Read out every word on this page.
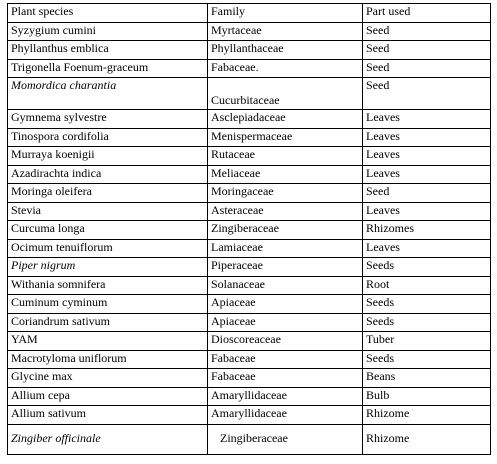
Plant species	Family	Part used
Syzygium cumini	Myrtaceae	Seed
Phyllanthus emblica	Phyllanthaceae	Seed
Trigonella Foenum-graceum	Fabaceae.	Seed
Momordica charantia	Cucurbitaceae	Seed
Gymnema sylvestre	Asclepiadaceae	Leaves
Tinospora cordifolia	Menispermaceae	Leaves
Murraya koenigii	Rutaceae	Leaves
Azadirachta indica	Meliaceae	Leaves
Moringa oleifera	Moringaceae	Seed
Stevia	Asteraceae	Leaves
Curcuma longa	Zingiberaceae	Rhizomes
Ocimum tenuiflorum	Lamiaceae	Leaves
Piper nigrum	Piperaceae	Seeds
Withania somnifera	Solanaceae	Root
Cuminum cyminum	Apiaceae	Seeds
Coriandrum sativum	Apiaceae	Seeds
YAM	Dioscoreaceae	Tuber
Macrotyloma uniflorum	Fabaceae	Seeds
Glycine max	Fabaceae	Beans
Allium cepa	Amaryllidaceae	Bulb
Allium sativum	Amaryllidaceae	Rhizome
Zingiber officinale	Zingiberaceae	Rhizome
